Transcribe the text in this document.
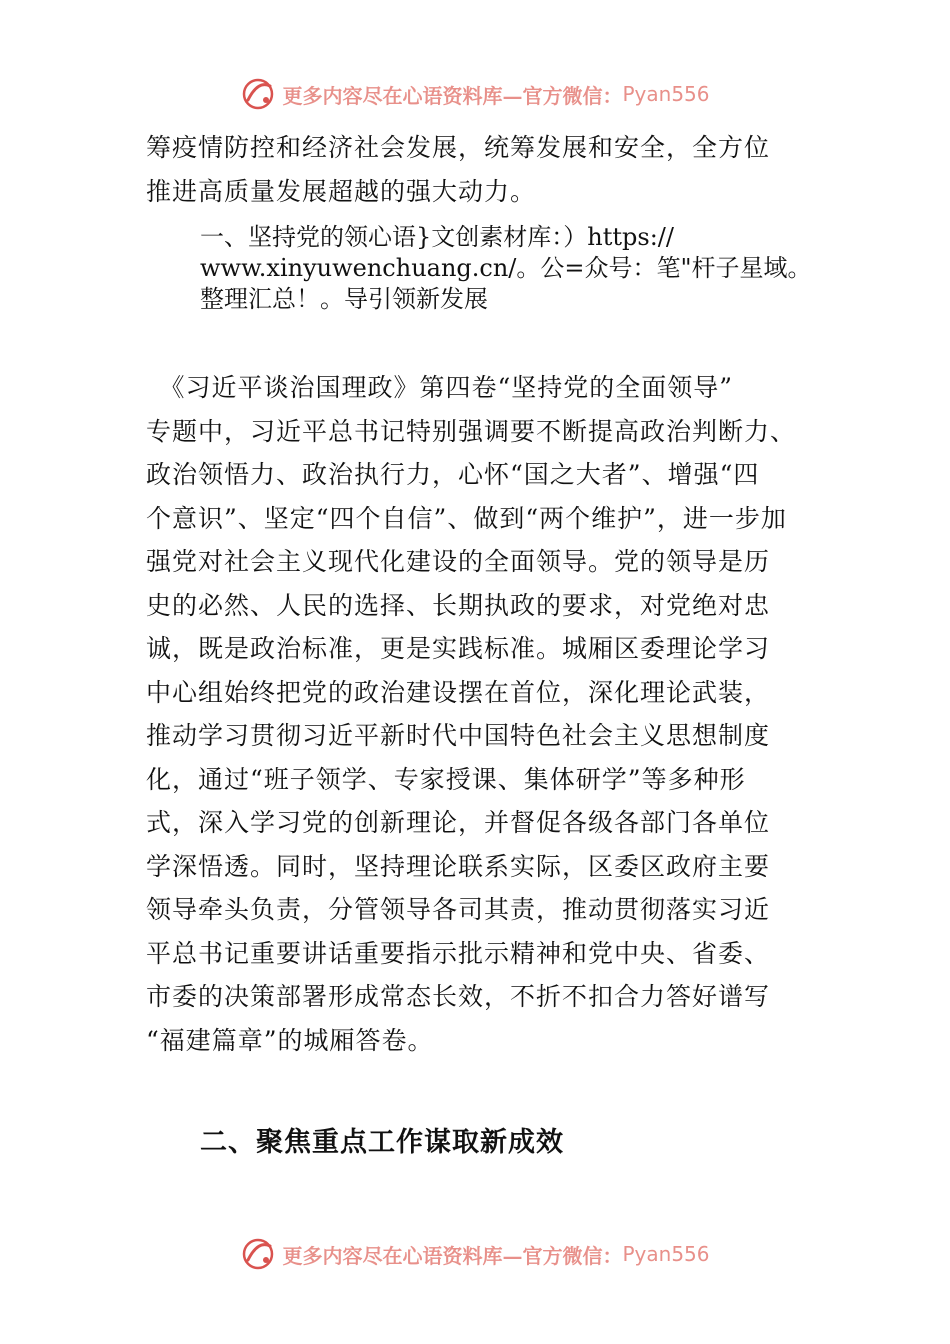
更多内容尽在心语资料库—官方微信： Pyan556

筹疫情防控和经济社会发展，统筹发展和安全，全方位
推进高质量发展超越的强大动力。

一、坚持党的领心语}文创素材库：）https://

www.xinyuwenchuang.cn/。公=众号：笔"杆子星域。

整理汇总！。导引领新发展

　《习近平谈治国理政》第四卷“坚持党的全面领导”
专题中，习近平总书记特别强调要不断提高政治判断力、
政治领悟力、政治执行力，心怀“国之大者”、增强“四
个意识”、坚定“四个自信”、做到“两个维护”，进一步加
强党对社会主义现代化建设的全面领导。党的领导是历
史的必然、人民的选择、长期执政的要求，对党绝对忠
诚，既是政治标准，更是实践标准。城厢区委理论学习
中心组始终把党的政治建设摆在首位，深化理论武装，
推动学习贯彻习近平新时代中国特色社会主义思想制度
化，通过“班子领学、专家授课、集体研学”等多种形
式，深入学习党的创新理论，并督促各级各部门各单位
学深悟透。同时，坚持理论联系实际，区委区政府主要
领导牵头负责，分管领导各司其责，推动贯彻落实习近
平总书记重要讲话重要指示批示精神和党中央、省委、
市委的决策部署形成常态长效，不折不扣合力答好谱写
“福建篇章”的城厢答卷。

二、聚焦重点工作谋取新成效
更多内容尽在心语资料库—官方微信： Pyan556
